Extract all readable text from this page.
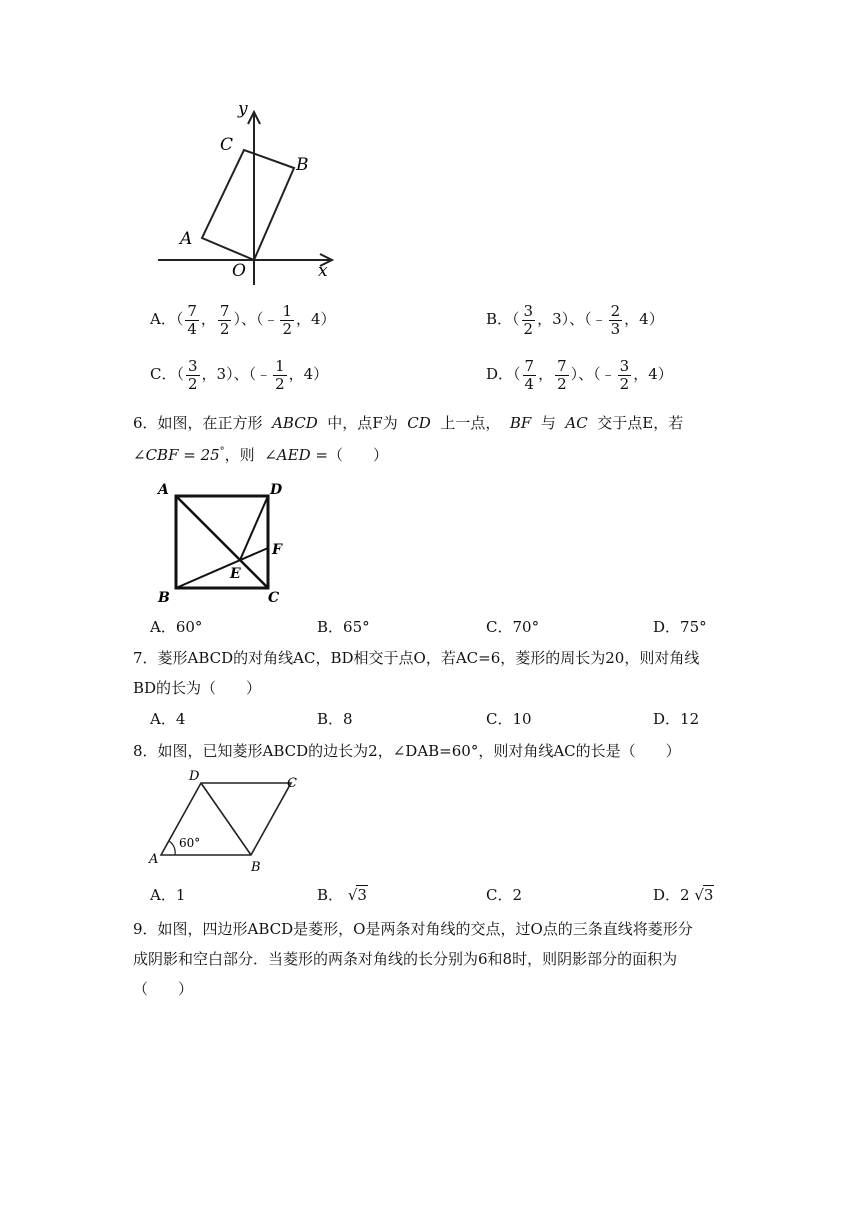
y
x
O
A
C
B
A．（ $\frac{7}{4}$ ， $\frac{7}{2}$ ）、（﹣ $\frac{1}{2}$ ，4）	B．（ $\frac{3}{2}$ ，3）、（﹣ $\frac{2}{3}$ ，4）
C．（ $\frac{3}{2}$ ，3）、（﹣ $\frac{1}{2}$ ，4）	D．（ $\frac{7}{4}$ ， $\frac{7}{2}$ ）、（﹣ $\frac{3}{2}$ ，4）
6．如图，在正方形 ABCD 中，点F为 CD 上一点， BF 与 AC 交于点E，若
∠CBF = 25°，则 ∠AED =（　　）
A	D
B	C
F
E
A．60°	B．65°	C．70°	D．75°
7．菱形ABCD的对角线AC，BD相交于点O，若AC=6，菱形的周长为20，则对角线
BD的长为（　　）
A．4	B．8	C．10	D．12
8．如图，已知菱形ABCD的边长为2，∠DAB=60°，则对角线AC的长是（　　）
60°
D	C
A
B
A．1	B． √3	C．2	D．2 √3
9．如图，四边形ABCD是菱形，O是两条对角线的交点，过O点的三条直线将菱形分
成阴影和空白部分．当菱形的两条对角线的长分别为6和8时，则阴影部分的面积为
（　　）
